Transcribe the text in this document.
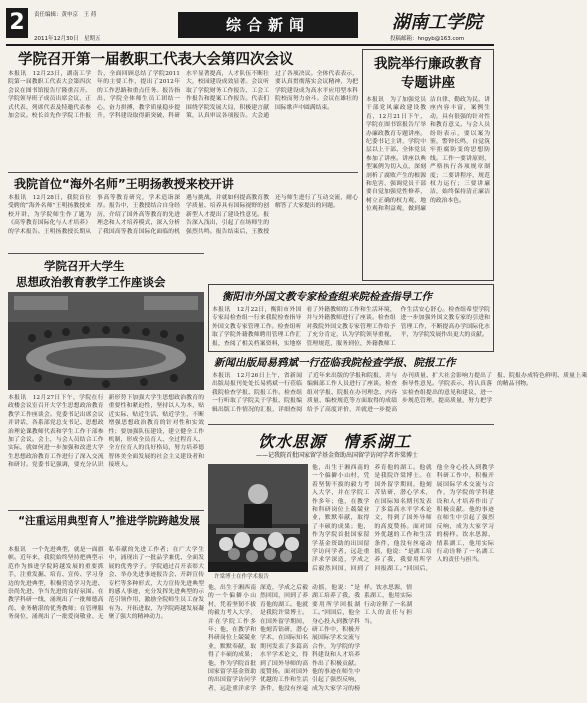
2	责任编辑：黄申京　王 荷
2011年12月30日　星期五
综合新闻	湖南工学院
投稿邮箱：hngyb@163.com
学院召开第一届教职工代表大会第四次会议
本报讯　12月23日，湖南工学院第一届教职工代表大会第四次会议在图书馆报告厅隆重召开。学院领导班子成员出席会议，正式代表、列席代表及特邀代表参加会议。校长首先作学院工作报告，全面回顾总结了学院2011年的主要工作，提出了2012年的工作思路和重点任务。报告指出，学院全体师生员工团结一心，奋力拼搏，教学质量稳步提升，学科建设取得新突破，科研水平显著提高，人才队伍不断壮大，校园建设成效显著。会议听取了学院财务工作报告、工会工作报告和提案工作报告。代表们围绕学院发展大局，积极建言献策，认真审议各项报告。大会通过了各项决议。全体代表表示，要认真贯彻落实会议精神，为把学院建设成为高水平应用型本科院校而努力奋斗。会议在雄壮的国际歌声中圆满结束。
我院举行廉政教育专题讲座
本报讯　为了加强党员干部党风廉政建设教育，12月21日下午，学院在图书馆报告厅举办廉政教育专题讲座。纪委书记主讲，学院中层以上干部、全体党员参加了讲座。讲座以典型案例为切入点，深刻剖析了腐败产生的根源和危害，强调党员干部要自觉加强党性修养，树立正确的权力观、地位观和利益观，做到廉洁自律、勤政为民。讲座内容丰富，案例生动，具有很强的针对性和教育意义。与会人员纷纷表示，要以案为鉴，警钟长鸣，自觉筑牢拒腐防变的思想防线。工作一要讲原则，严格执行各项规章制度；二要讲程序，规范权力运行；三要讲廉洁，始终保持清正廉洁的政治本色。
我院首位“海外名师”王明扬教授来校开讲
本报讯　12月28日，我院首位受聘的“海外名师”王明扬教授来校开讲，为学院师生作了题为《高等教育国际化与人才培养》的学术报告。王明扬教授长期从事高等教育研究，学术造诣深厚。报告中，王教授结合自身经历，介绍了国外高等教育的先进理念和人才培养模式，深入分析了我国高等教育国际化面临的机遇与挑战，并就如何提高教育教学质量、培养具有国际视野的创新型人才提出了建设性意见。报告深入浅出，引起了在场师生的强烈共鸣。报告结束后，王教授还与师生进行了互动交流，耐心解答了大家提出的问题。
学院召开大学生
思想政治教育教学工作座谈会
本报讯　12月27日下午，学院在行政楼会议室召开大学生思想政治教育教学工作座谈会。党委书记出席会议并讲话，各系部党总支书记、思想政治理论课教师代表和学生工作干部参加了会议。会上，与会人员结合工作实际，就如何进一步加强和改进大学生思想政治教育工作进行了深入交流和研讨。党委书记强调，要充分认识新形势下加强大学生思想政治教育的重要性和紧迫性，坚持以人为本，贴近实际、贴近生活、贴近学生，不断增强思想政治教育的针对性和实效性；要加强队伍建设，建立健全工作机制，形成全员育人、全过程育人、全方位育人的良好格局，努力培养德智体美全面发展的社会主义建设者和接班人。
衡阳市外国文教专家检查组来院检查指导工作
本报讯　12月22日，衡阳市外国专家局检查组一行来我院检查指导外国文教专家管理工作。检查组听取了学院外籍教师聘用管理工作汇报，查阅了相关档案资料，实地察看了外籍教师的工作和生活环境，并与外籍教师进行了座谈。检查组对我院外国文教专家管理工作给予了充分肯定，认为学院领导重视，管理规范，服务到位，外籍教师工作生活安心舒心。检查组希望学院进一步加强外国文教专家的引进和管理工作，不断提高办学国际化水平，为学院发展作出更大的贡献。
新闻出版局易鸦斌一行莅临我院检查学报、院报工作
本报讯　12月26日上午，省新闻出版局报刊处处长易鸦斌一行莅临我院检查学报、院报工作。检查组一行听取了学院关于学报、院报编辑出版工作情况的汇报，详细查阅了近年来出版的学报和院报，并与编辑部工作人员进行了座谈。检查组对学报、院报在办刊理念、内容质量、编校规范等方面取得的成绩给予了高度评价，并就进一步提高办刊质量、扩大社会影响力提出了指导性意见。学院表示，将认真落实检查组提出的意见和建议，进一步规范管理，提高质量，努力把学报、院报办成特色鲜明、质量上乘的精品刊物。
饮水思源　情系湖工
——记我院首批国家留学基金资助出国留学访问学者许棠博士
许棠博士在作学术报告
他，出生于湘西南的一个偏僻小山村，凭着坚韧不拔的毅力考入大学，并在学院工作多年；他，在教学和科研岗位上兢兢业业，默默奉献，取得了丰硕的成果；他，作为学院首批国家留学基金资助的出国留学访问学者，远赴重洋求学深造，学成之后毅然回国，回到了养育他的湖工。他就是我院许棠博士。在国外留学期间，他刻苦钻研，潜心学术，在国际知名期刊发表了多篇高水平学术论文，得到了国外导师的高度赞扬。面对国外优越的工作和生活条件，他没有丝毫动摇，他说：“是湖工培养了我，我要用所学回报湖工。”回国后，他全身心投入到教学科研工作中，积极开展国际学术交流与合作，为学院的学科建设和人才培养作出了积极贡献。他的事迹在师生中引起了强烈反响，成为大家学习的榜样。饮水思源，情系湖工，他用实际行动诠释了一名湖工人的责任与担当。
“注重运用典型育人”推进学院跨越发展
本报讯　一个先进典型，就是一面旗帜。近年来，我院始终坚持把典型示范作为推进学院跨越发展的重要抓手，注重发掘、培育、宣传、学习身边的先进典型，积极营造学习先进、崇尚先进、争当先进的良好氛围。在教学科研一线，涌现出了一批师德高尚、业务精湛的优秀教师；在管理服务岗位，涌现出了一批爱岗敬业、无私奉献的先进工作者；在广大学生中，涌现出了一批品学兼优、全面发展的优秀学子。学院通过召开表彰大会、举办先进事迹报告会、开辟宣传专栏等多种形式，大力宣传先进典型的感人事迹，充分发挥先进典型的示范引领作用，激励全院师生员工奋发有为、开拓进取，为学院跨越发展凝聚了强大的精神动力。
他，出生于湘西南的一个偏僻小山村，凭着坚韧不拔的毅力考入大学，并在学院工作多年；他，在教学和科研岗位上兢兢业业，默默奉献，取得了丰硕的成果；他，作为学院首批国家留学基金资助的出国留学访问学者，远赴重洋求学深造，学成之后毅然回国，回到了养育他的湖工。他就是我院许棠博士。在国外留学期间，他刻苦钻研，潜心学术，在国际知名期刊发表了多篇高水平学术论文，得到了国外导师的高度赞扬。面对国外优越的工作和生活条件，他没有丝毫动摇，他说：“是湖工培养了我，我要用所学回报湖工。”回国后，他全身心投入到教学科研工作中，积极开展国际学术交流与合作，为学院的学科建设和人才培养作出了积极贡献。他的事迹在师生中引起了强烈反响，成为大家学习的榜样。饮水思源，情系湖工，他用实际行动诠释了一名湖工人的责任与担当。
